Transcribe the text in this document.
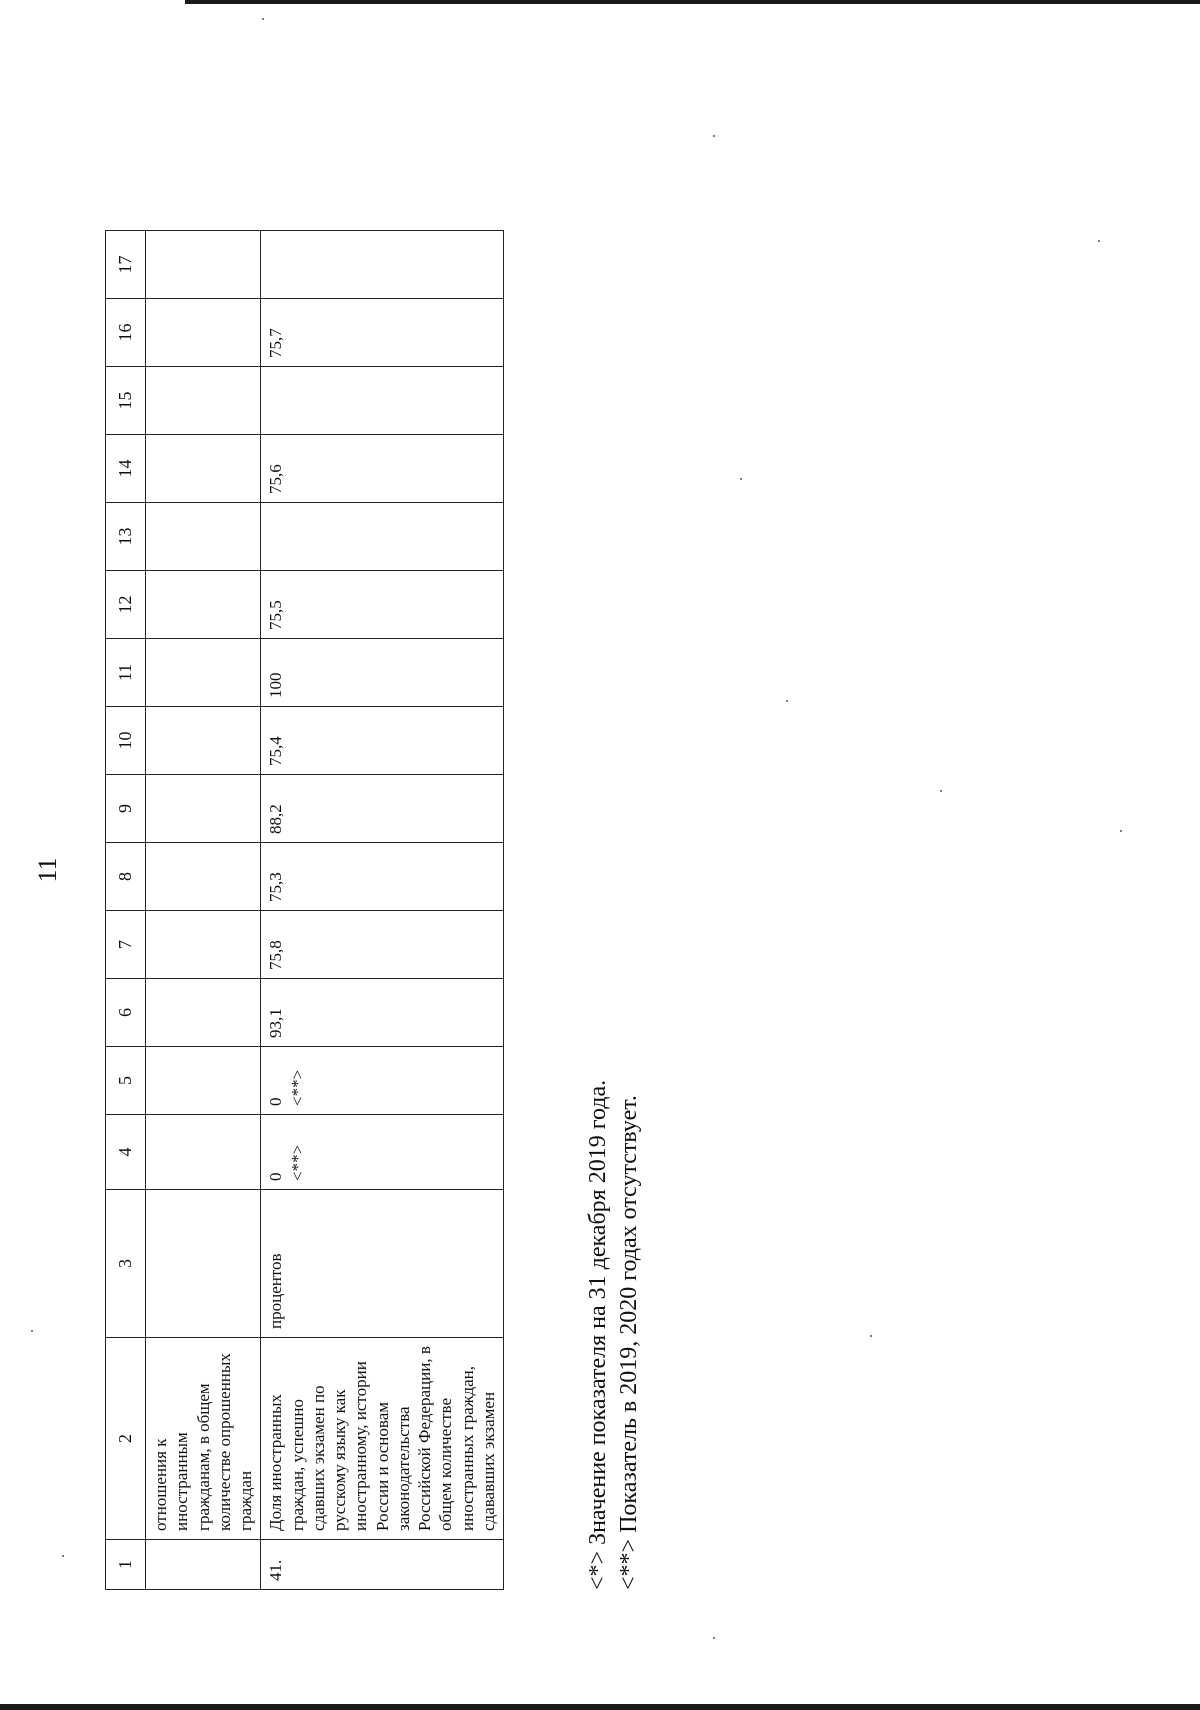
11
1	2	3	4	5	6	7	8	9	10	11	12	13	14	15	16	17
	отношения к иностранным гражданам, в общем количестве опрошенных граждан															
41.	Доля иностранных граждан, успешно сдавших экзамен по русскому языку как иностранному, истории России и основам законодательства Российской Федерации, в общем количестве иностранных граждан, сдававших экзамен	процентов	0 <**>	0 <**>	93,1	75,8	75,3	88,2	75,4	100	75,5		75,6		75,7	
<*> Значение показателя на 31 декабря 2019 года. <**> Показатель в 2019, 2020 годах отсутствует.
